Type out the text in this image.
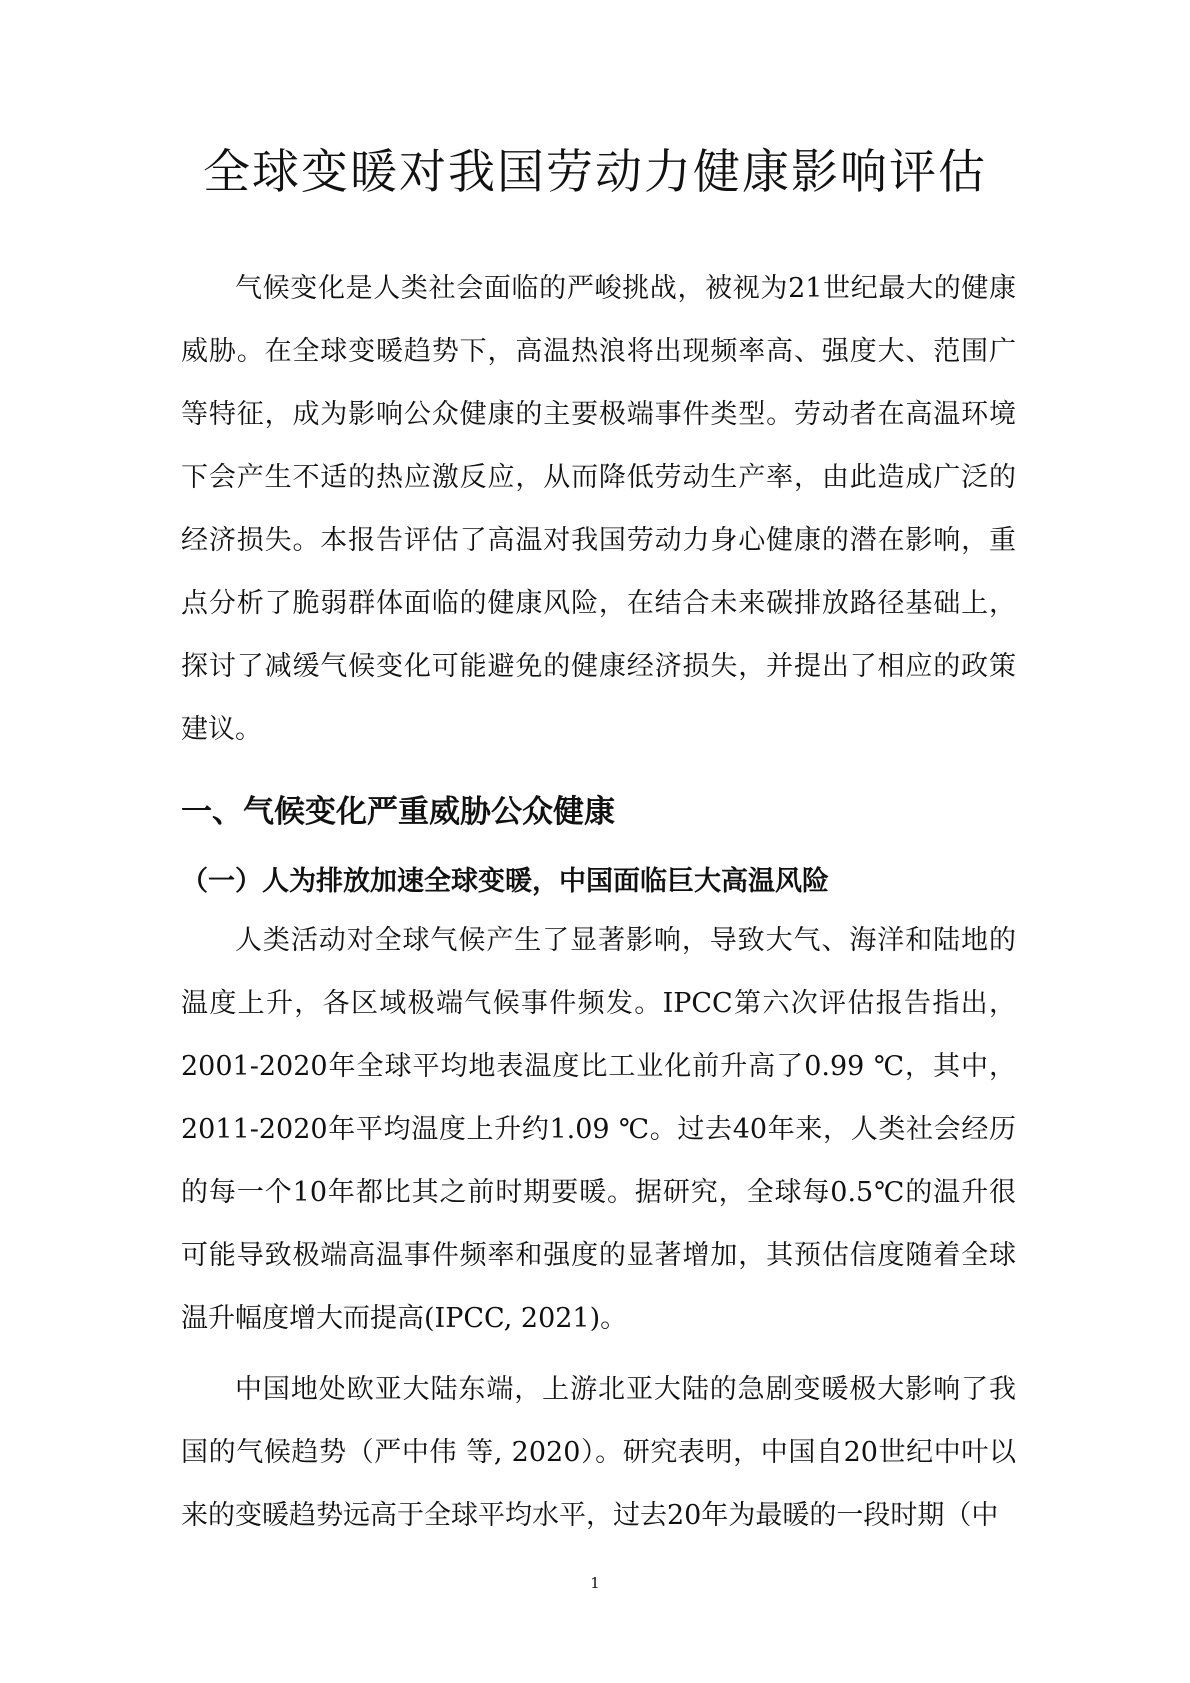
全球变暖对我国劳动力健康影响评估

气候变化是人类社会面临的严峻挑战，被视为21世纪最大的健康威胁。在全球变暖趋势下，高温热浪将出现频率高、强度大、范围广等特征，成为影响公众健康的主要极端事件类型。劳动者在高温环境下会产生不适的热应激反应，从而降低劳动生产率，由此造成广泛的经济损失。本报告评估了高温对我国劳动力身心健康的潜在影响，重点分析了脆弱群体面临的健康风险，在结合未来碳排放路径基础上，探讨了减缓气候变化可能避免的健康经济损失，并提出了相应的政策建议。

一、气候变化严重威胁公众健康
（一）人为排放加速全球变暖，中国面临巨大高温风险

人类活动对全球气候产生了显著影响，导致大气、海洋和陆地的温度上升，各区域极端气候事件频发。IPCC第六次评估报告指出，2001-2020年全球平均地表温度比工业化前升高了0.99 ℃，其中，2011-2020年平均温度上升约1.09 ℃。过去40年来，人类社会经历的每一个10年都比其之前时期要暖。据研究，全球每0.5℃的温升很可能导致极端高温事件频率和强度的显著增加，其预估信度随着全球温升幅度增大而提高(IPCC, 2021)。

中国地处欧亚大陆东端，上游北亚大陆的急剧变暖极大影响了我国的气候趋势（严中伟 等, 2020）。研究表明，中国自20世纪中叶以来的变暖趋势远高于全球平均水平，过去20年为最暖的一段时期（中

1
